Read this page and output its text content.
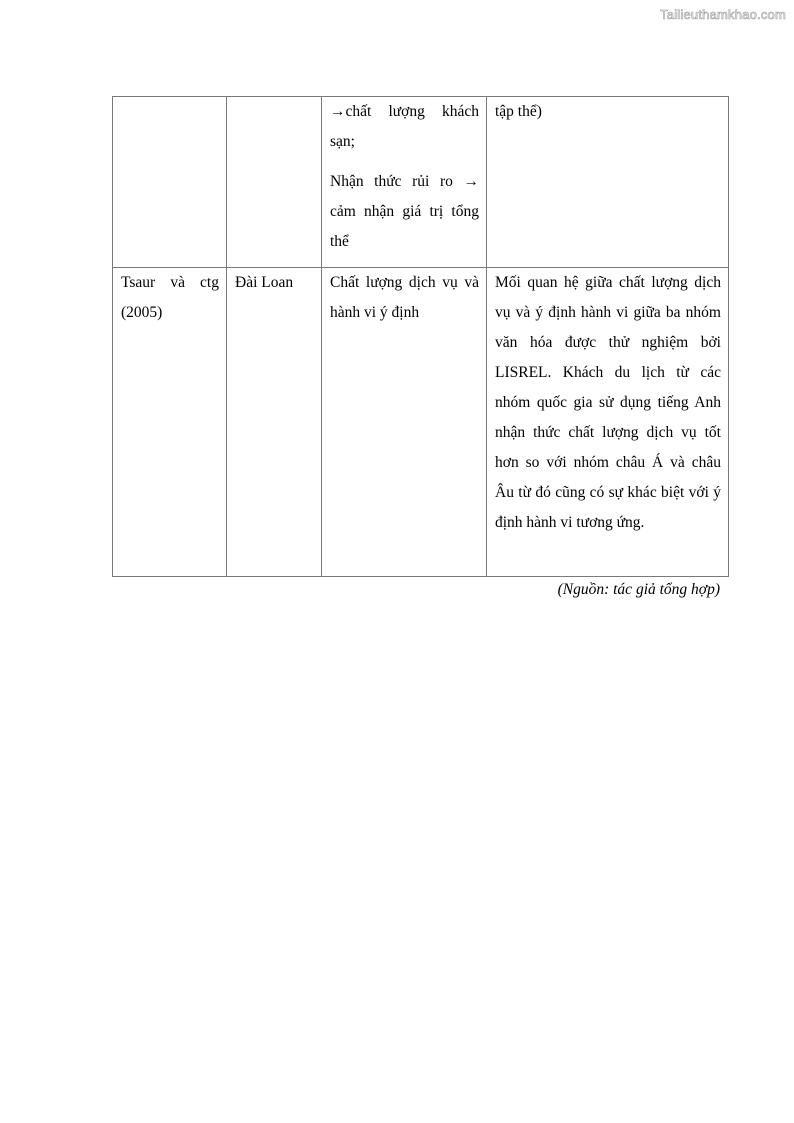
Tailieuthamkhao.com

		→chất lượng khách sạn;

Nhận thức rủi ro → cảm nhận giá trị tổng thể	tập thể)
Tsaur và ctg (2005)	Đài Loan	Chất lượng dịch vụ và hành vi ý định	Mối quan hệ giữa chất lượng dịch vụ và ý định hành vi giữa ba nhóm văn hóa được thử nghiệm bởi LISREL. Khách du lịch từ các nhóm quốc gia sử dụng tiếng Anh nhận thức chất lượng dịch vụ tốt hơn so với nhóm châu Á và châu Âu từ đó cũng có sự khác biệt với ý định hành vi tương ứng.
(Nguồn: tác giả tổng hợp)
